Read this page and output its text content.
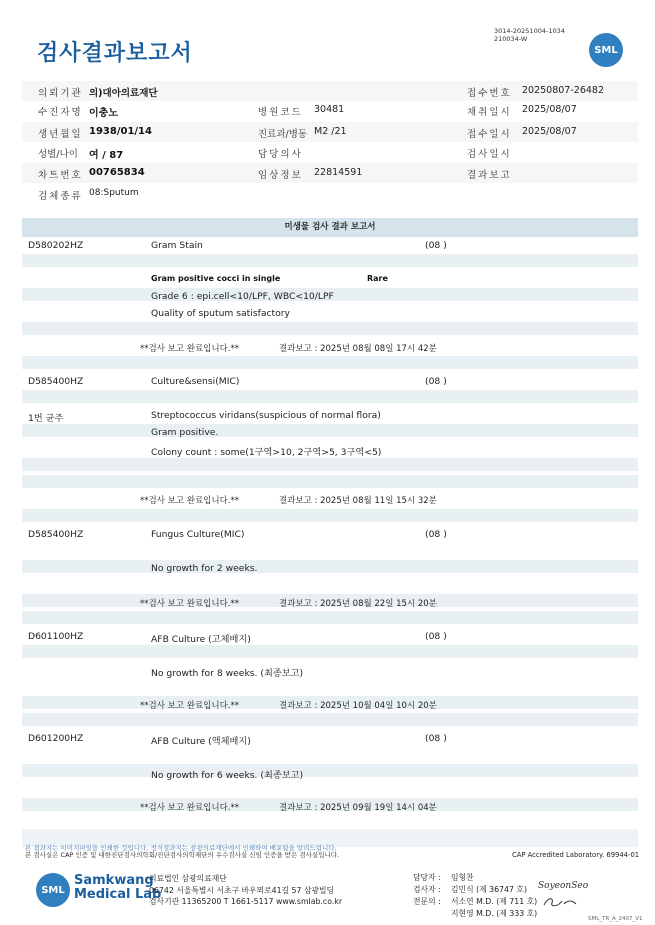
검사결과보고서
3014-20251004-1034
210034-W
SML
의뢰기관 의)대아의료재단	접수번호 20250807-26482
수진자명 이충노	병원코드 30481	채취일시 2025/08/07
생년월일 1938/01/14	진료과/병동 M2 /21	접수일시 2025/08/07
성별/나이 여 / 87	담당의사	검사일시
차트번호 00765834	임상정보 22814591	결과보고
검체종류 08:Sputum
미생물 검사 결과 보고서
D580202HZ	Gram Stain	(08 )
Gram positive cocci in single	Rare
Grade 6 : epi.cell<10/LPF, WBC<10/LPF
Quality of sputum satisfactory
**검사 보고 완료입니다.**	결과보고 : 2025년 08월 08일 17시 42분
D585400HZ	Culture&sensi(MIC)	(08 )
1번 균주	Streptococcus viridans(suspicious of normal flora)
Gram positive.
Colony count : some(1구역>10, 2구역>5, 3구역<5)
**검사 보고 완료입니다.**	결과보고 : 2025년 08월 11일 15시 32분
D585400HZ	Fungus Culture(MIC)	(08 )
No growth for 2 weeks.
**검사 보고 완료입니다.**	결과보고 : 2025년 08월 22일 15시 20분
D601100HZ	AFB Culture (고체배지)	(08 )
No growth for 8 weeks. (최종보고)
**검사 보고 완료입니다.**	결과보고 : 2025년 10월 04일 10시 20분
D601200HZ	AFB Culture (액체배지)	(08 )
No growth for 6 weeks. (최종보고)
**검사 보고 완료입니다.**	결과보고 : 2025년 09월 19일 14시 04분
본 결과지는 이미지파일을 인쇄한 것입니다. 정식결과지는 삼광의료재단에서 인쇄하여 배포됨을 알려드립니다.
본 검사실은 CAP 인증 및 대한진단검사의학회/진단검사의학재단의 우수검사실 신임 인증을 받은 검사실입니다.	CAP Accredited Laboratory. 69944-01
SML
Samkwang
Medical Lab
의료법인 삼광의료재단
06742 서울특별시 서초구 바우뫼로41길 57 삼광빌딩
검사기관 11365200 T 1661-5117 www.smlab.co.kr
담당자 : 임형찬
검사자 : 김민식 (제 36747 호)
전문의 : 서소연 M.D. (제 711 호)
지현영 M.D. (제 333 호)
SoyeonSeo
SML_TR_A_2407_V1
